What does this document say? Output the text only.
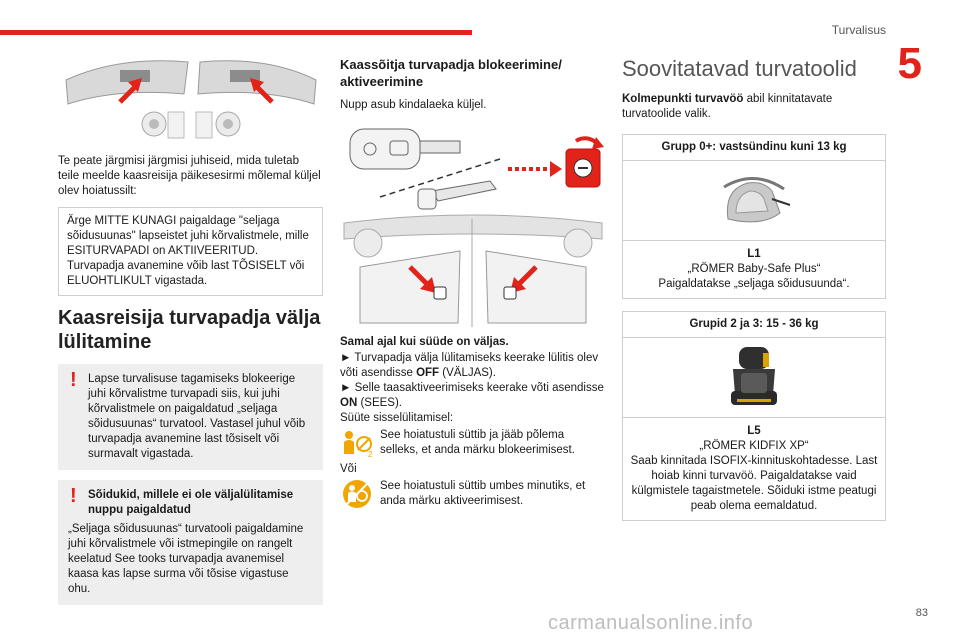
Turvalisus
5

Te peate järgmisi järgmisi juhiseid, mida tuletab teile meelde kaasreisija päikesesirmi mõlemal küljel olev hoiatussilt:

Ärge MITTE KUNAGI paigaldage "seljaga sõidusuunas" lapseistet juhi kõrvalistmele, mille ESITURVAPADI on AKTIIVEERITUD. Turvapadja avanemine võib last TÕSISELT või ELUOHTLIKULT vigastada.

Kaasreisija turvapadja välja lülitamine
! Lapse turvalisuse tagamiseks blokeerige juhi kõrvalistme turvapadi siis, kui juhi kõrvalistmele on paigaldatud „seljaga sõidusuunas“ turvatool. Vastasel juhul võib turvapadja avanemine last tõsiselt või surmavalt vigastada.

! Sõidukid, millele ei ole väljalülitamise nuppu paigaldatud

„Seljaga sõidusuunas“ turvatooli paigaldamine juhi kõrvalistmele või istmepingile on rangelt keelatud See tooks turvapadja avanemisel kaasa kas lapse surma või tõsise vigastuse ohu.

Kaassõitja turvapadja blokeerimine/ aktiveerimine

Nupp asub kindalaeka küljel.

Samal ajal kui süüde on väljas.

► Turvapadja välja lülitamiseks keerake lülitis olev võti asendisse OFF (VÄLJAS).

► Selle taasaktiveerimiseks keerake võti asendisse ON (SEES).

Süüte sisselülitamisel:

2
See hoiatustuli süttib ja jääb põlema selleks, et anda märku blokeerimisest.

Või

See hoiatustuli süttib umbes minutiks, et anda märku aktiveerimisest.
Soovitatavad turvatoolid

Kolmepunkti turvavöö abil kinnitatavate turvatoolide valik.

Grupp 0+: vastsündinu kuni 13 kg
L1
„RÖMER Baby-Safe Plus“
Paigaldatakse „seljaga sõidusuunda“.
Grupid 2 ja 3: 15 - 36 kg
L5
„RÖMER KIDFIX XP“
Saab kinnitada ISOFIX-kinnituskohtadesse. Last hoiab kinni turvavöö. Paigaldatakse vaid külgmistele tagaistmetele. Sõiduki istme peatugi peab olema eemaldatud.
carmanualsonline.info	83
